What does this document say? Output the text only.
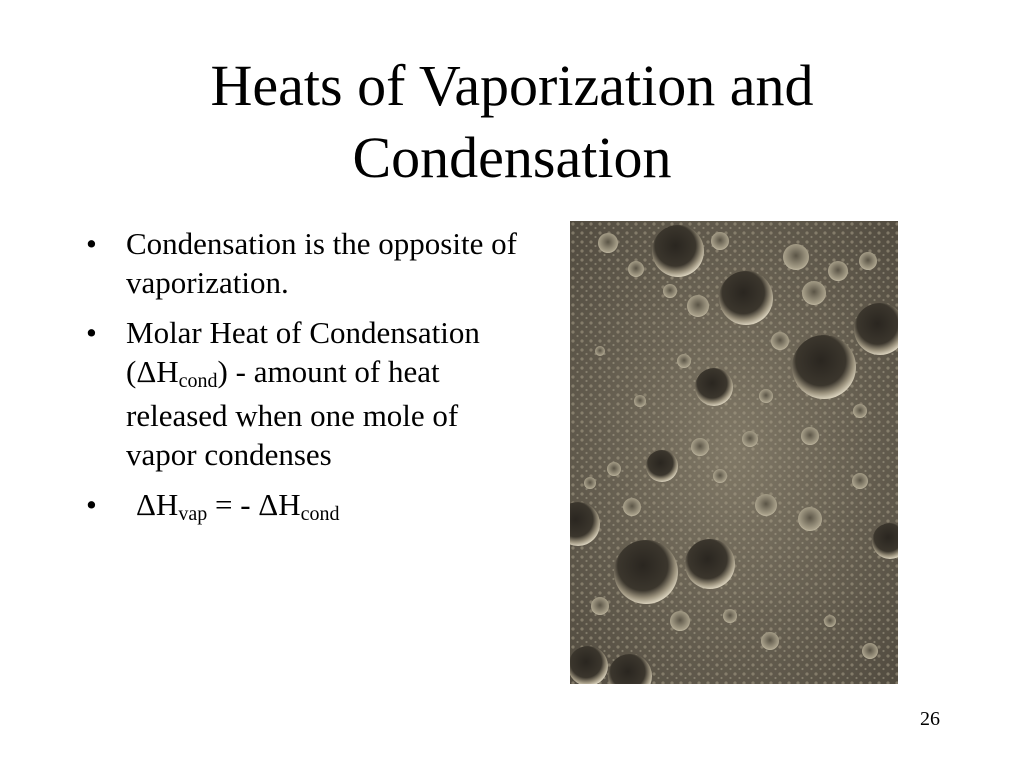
Heats of Vaporization and
Condensation
• Condensation is the opposite of vaporization.
• Molar Heat of Condensation (ΔHcond) - amount of heat released when one mole of vapor condenses
• ΔHvap = - ΔHcond
26
